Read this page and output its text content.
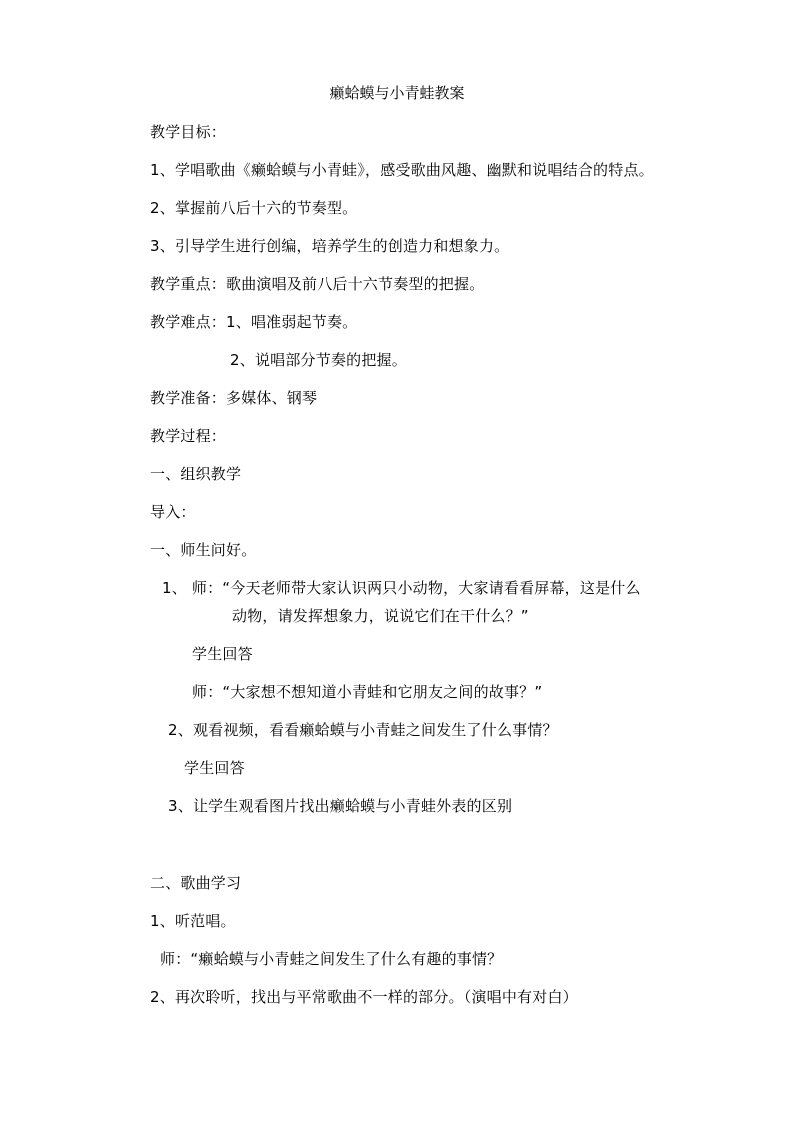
癞蛤蟆与小青蛙教案
教学目标：
1、学唱歌曲《癞蛤蟆与小青蛙》，感受歌曲风趣、幽默和说唱结合的特点。
2、掌握前八后十六的节奏型。
3、引导学生进行创编，培养学生的创造力和想象力。
教学重点：歌曲演唱及前八后十六节奏型的把握。
教学难点：1、唱准弱起节奏。
2、说唱部分节奏的把握。
教学准备：多媒体、钢琴
教学过程：
一、组织教学
导入：
一、师生问好。
1、 师：“今天老师带大家认识两只小动物，大家请看看屏幕，这是什么
动物，请发挥想象力，说说它们在干什么？”
学生回答
师：“大家想不想知道小青蛙和它朋友之间的故事？”
2、观看视频，看看癞蛤蟆与小青蛙之间发生了什么事情？
学生回答
3、让学生观看图片找出癞蛤蟆与小青蛙外表的区别
二、歌曲学习
1、听范唱。
师：“癞蛤蟆与小青蛙之间发生了什么有趣的事情？
2、再次聆听，找出与平常歌曲不一样的部分。（演唱中有对白）
